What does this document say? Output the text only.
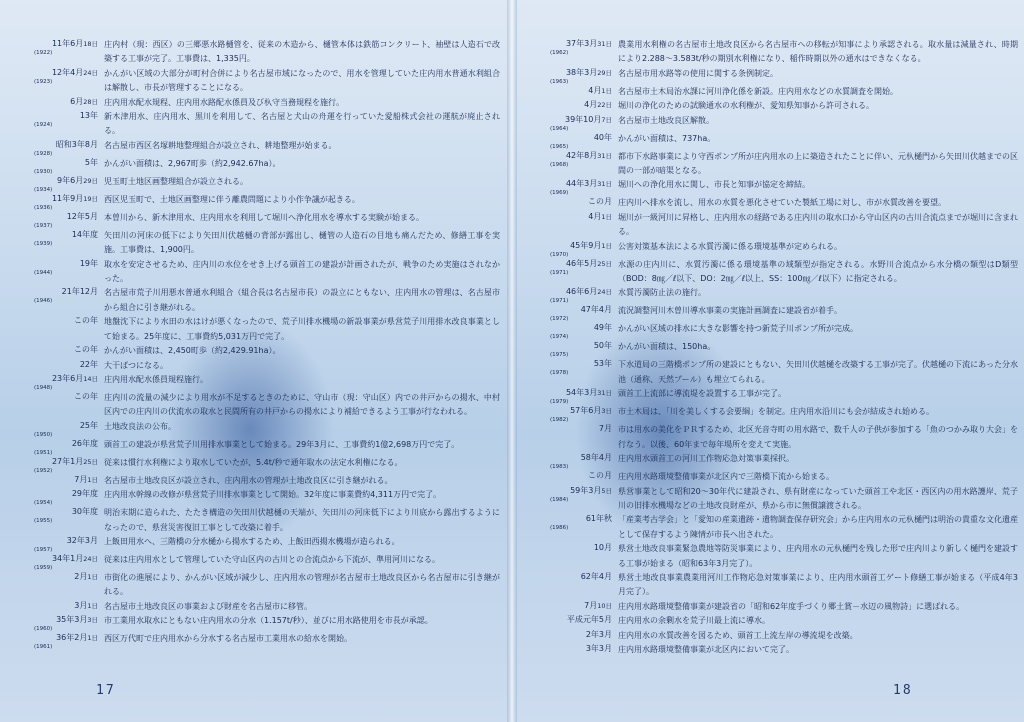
11年6月18日
(1922)
庄内村（現：西区）の三郷悪水路樋管を、従来の木造から、樋管本体は鉄筋コンクリート、袖壁は人造石で改築する工事が完了。工事費は、1,335円。
12年4月24日
(1923)
かんがい区域の大部分が町村合併により名古屋市域になったので、用水を管理していた庄内用水普通水利組合は解散し、市長が管理することになる。
6月28日 庄内用水配水規程、庄内用水路配水係員及び杁守当務規程を施行。
13年
(1924)
新木津用水、庄内用水、黒川を利用して、名古屋と犬山の舟運を行っていた愛船株式会社の運航が廃止される。
昭和3年8月
(1928)
名古屋市西区名塚耕地整理組合が設立され、耕地整理が始まる。
5年
(1930)
かんがい面積は、2,967町歩（約2,942.67ha）。
9年6月29日
(1934)
児玉町土地区画整理組合が設立される。
11年9月19日
(1936)
西区児玉町で、土地区画整理に伴う離農問題により小作争議が起きる。
12年5月
(1937)
本曽川から、新木津用水、庄内用水を利用して堀川へ浄化用水を導水する実験が始まる。
14年度
(1939)
矢田川の河床の低下により矢田川伏越樋の背部が露出し、樋管の人造石の目地も痛んだため、修繕工事を実施。工事費は、1,900円。
19年
(1944)
取水を安定させるため、庄内川の水位をせき上げる頭首工の建設が計画されたが、戦争のため実施はされなかった。
21年12月
(1946)
名古屋市荒子川用悪水普通水利組合（組合長は名古屋市長）の設立にともない、庄内用水の管理は、名古屋市から組合に引き継がれる。
この年 地盤沈下により水田の水はけが悪くなったので、荒子川排水機場の新設事業が県営荒子川用排水改良事業として始まる。25年度に、工事費約5,031万円で完了。
この年 かんがい面積は、2,450町歩（約2,429.91ha）。
22年 大干ばつになる。
23年6月14日
(1948)
庄内用水配水係員規程施行。
この年 庄内川の流量の減少により用水が不足するときのために、守山市（現：守山区）内での井戸からの揚水、中村区内での庄内川の伏流水の取水と民間所有の井戸からの揚水により補給できるよう工事が行なわれる。
25年
(1950)
土地改良法の公布。
26年度
(1951)
頭首工の建設が県営荒子川用排水事業として始まる。29年3月に、工事費約1億2,698万円で完了。
27年1月25日
(1952)
従来は慣行水利権により取水していたが、5.4t/秒で通年取水の法定水利権になる。
7月1日 名古屋市土地改良区が設立され、庄内用水の管理が土地改良区に引き継がれる。
29年度
(1954)
庄内用水幹線の改修が県営荒子川排水事業として開始。32年度に事業費約4,311万円で完了。
30年度
(1955)
明治末期に造られた、たたき構造の矢田川伏越樋の天端が、矢田川の河床低下により川底から露出するようになったので、県営災害復旧工事として改築に着手。
32年3月
(1957)
上飯田用水へ、三階橋の分水樋から揚水するため、上飯田西揚水機場が造られる。
34年1月24日
(1959)
従来は庄内用水として管理していた守山区内の古川との合流点から下流が、準用河川になる。
2月1日 市街化の進展により、かんがい区域が減少し、庄内用水の管理が名古屋市土地改良区から名古屋市に引き継がれる。
3月1日 名古屋市土地改良区の事業および財産を名古屋市に移管。
35年3月3日
(1960)
市工業用水取水にともない庄内用水の分水（1.157t/秒）、並びに用水路使用を市長が承認。
36年2月1日
(1961)
西区万代町で庄内用水から分水する名古屋市工業用水の給水を開始。
37年3月31日
(1962)
農業用水利権の名古屋市土地改良区から名古屋市への移転が知事により承認される。取水量は減量され、時期により2.288～3.583t/秒の期別水利権になり、稲作時期以外の通水はできなくなる。
38年3月29日
(1963)
名古屋市用水路等の使用に関する条例制定。
4月1日 名古屋市土木局治水課に河川浄化係を新設。庄内用水などの水質調査を開始。
4月22日 堀川の浄化のための試験通水の水利権が、愛知県知事から許可される。
39年10月7日
(1964)
名古屋市土地改良区解散。
40年
(1965)
かんがい面積は、737ha。
42年8月31日
(1968)
都市下水路事業により守西ポンプ所が庄内用水の上に築造されたことに伴い、元杁樋門から矢田川伏越までの区間の一部が暗渠となる。
44年3月31日
(1969)
堀川への浄化用水に関し、市長と知事が協定を締結。
この月 庄内川へ排水を流し、用水の水質を悪化させていた製紙工場に対し、市が水質改善を要望。
4月1日 堀川が一級河川に昇格し、庄内用水の経路である庄内川の取水口から守山区内の古川合流点までが堀川に含まれる。
45年9月1日
(1970)
公害対策基本法による水質汚濁に係る環境基準が定められる。
46年5月25日
(1971)
水源の庄内川に、水質汚濁に係る環境基準の域類型が指定される。水野川合流点から水分橋の類型はD類型（BOD：8㎎／ℓ以下、DO：2㎎／ℓ以上、SS：100㎎／ℓ以下）に指定される。
46年6月24日
(1971)
水質汚濁防止法の施行。
47年4月
(1972)
流況調整河川木曽川導水事業の実施計画調査に建設省が着手。
49年
(1974)
かんがい区域の排水に大きな影響を持つ新荒子川ポンプ所が完成。
50年
(1975)
かんがい面積は、150ha。
53年
(1978)
下水道局の三階橋ポンプ所の建設にともない、矢田川伏越樋を改築する工事が完了。伏越樋の下流にあった分水池（通称、天然プール）も埋立てられる。
54年3月31日
(1979)
頭首工上流部に導流堤を設置する工事が完了。
57年6月3日
(1982)
市土木局は、「川を美しくする会要綱」を制定。庄内用水沿川にも会が結成され始める。
7月 市は用水の美化をＰＲするため、北区光音寺町の用水路で、数千人の子供が参加する「魚のつかみ取り大会」を行なう。以後、60年まで毎年場所を変えて実施。
58年4月
(1983)
庄内用水頭首工の河川工作物応急対策事業採択。
この月 庄内用水路環境整備事業が北区内で三階橋下流から始まる。
59年3月5日
(1984)
県営事業として昭和20～30年代に建設され、県有財産になっていた頭首工や北区・西区内の用水路護岸、荒子川の旧排水機場などの土地改良財産が、県から市に無償譲渡される。
61年秋
(1986)
「産業考古学会」と「愛知の産業遺跡・遺物調査保存研究会」から庄内用水の元杁樋門は明治の貴重な文化遺産として保存するよう陳情が市長へ出された。
10月 県営土地改良事業緊急農地等防災事業により、庄内用水の元杁樋門を残した形で庄内川より新しく樋門を建設する工事が始まる（昭和63年3月完了）。
62年4月 県営土地改良事業農業用河川工作物応急対策事業により、庄内用水頭首工ゲート修繕工事が始まる（平成4年3月完了）。
7月10日 庄内用水路環境整備事業が建設省の「昭和62年度手づくり郷土賞－水辺の風物詩」に選ばれる。
平成元年5月 庄内用水の余剰水を荒子川最上流に導水。
2年3月 庄内用水の水質改善を図るため、頭首工上流左岸の導流堤を改築。
3年3月 庄内用水路環境整備事業が北区内において完了。
17	18
